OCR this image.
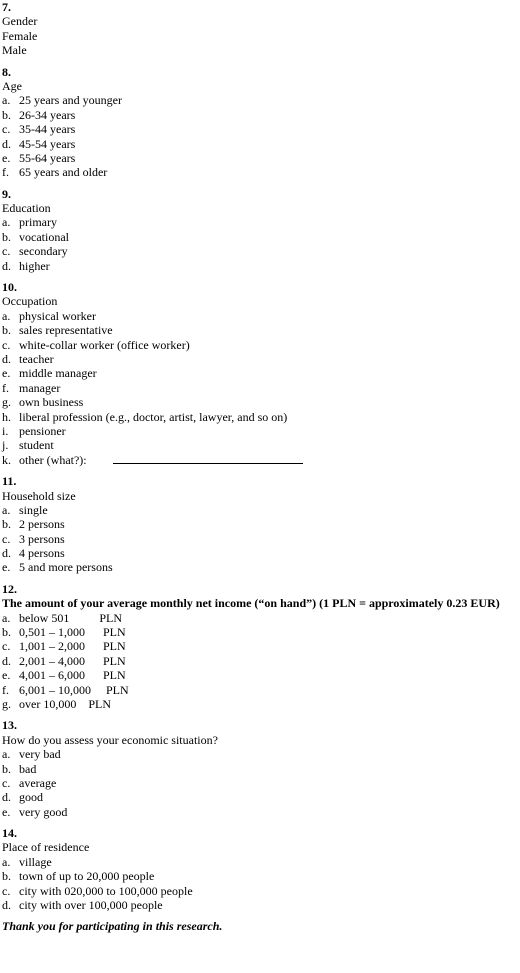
7.
Gender
Female
Male
8.
Age
a. 25 years and younger
b. 26-34 years
c. 35-44 years
d. 45-54 years
e. 55-64 years
f. 65 years and older
9.
Education
a. primary
b. vocational
c. secondary
d. higher
10.
Occupation
a. physical worker
b. sales representative
c. white-collar worker (office worker)
d. teacher
e. middle manager
f. manager
g. own business
h. liberal profession (e.g., doctor, artist, lawyer, and so on)
i. pensioner
j. student
k. other (what?):
11.
Household size
a. single
b. 2 persons
c. 3 persons
d. 4 persons
e. 5 and more persons
12.
The amount of your average monthly net income (“on hand”) (1 PLN = approximately 0.23 EUR)
a. below 501          PLN
b. 0,501 – 1,000      PLN
c. 1,001 – 2,000      PLN
d. 2,001 – 4,000      PLN
e. 4,001 – 6,000      PLN
f. 6,001 – 10,000     PLN
g. over 10,000    PLN
13.
How do you assess your economic situation?
a. very bad
b. bad
c. average
d. good
e. very good
14.
Place of residence
a. village
b. town of up to 20,000 people
c. city with 020,000 to 100,000 people
d. city with over 100,000 people
Thank you for participating in this research.
